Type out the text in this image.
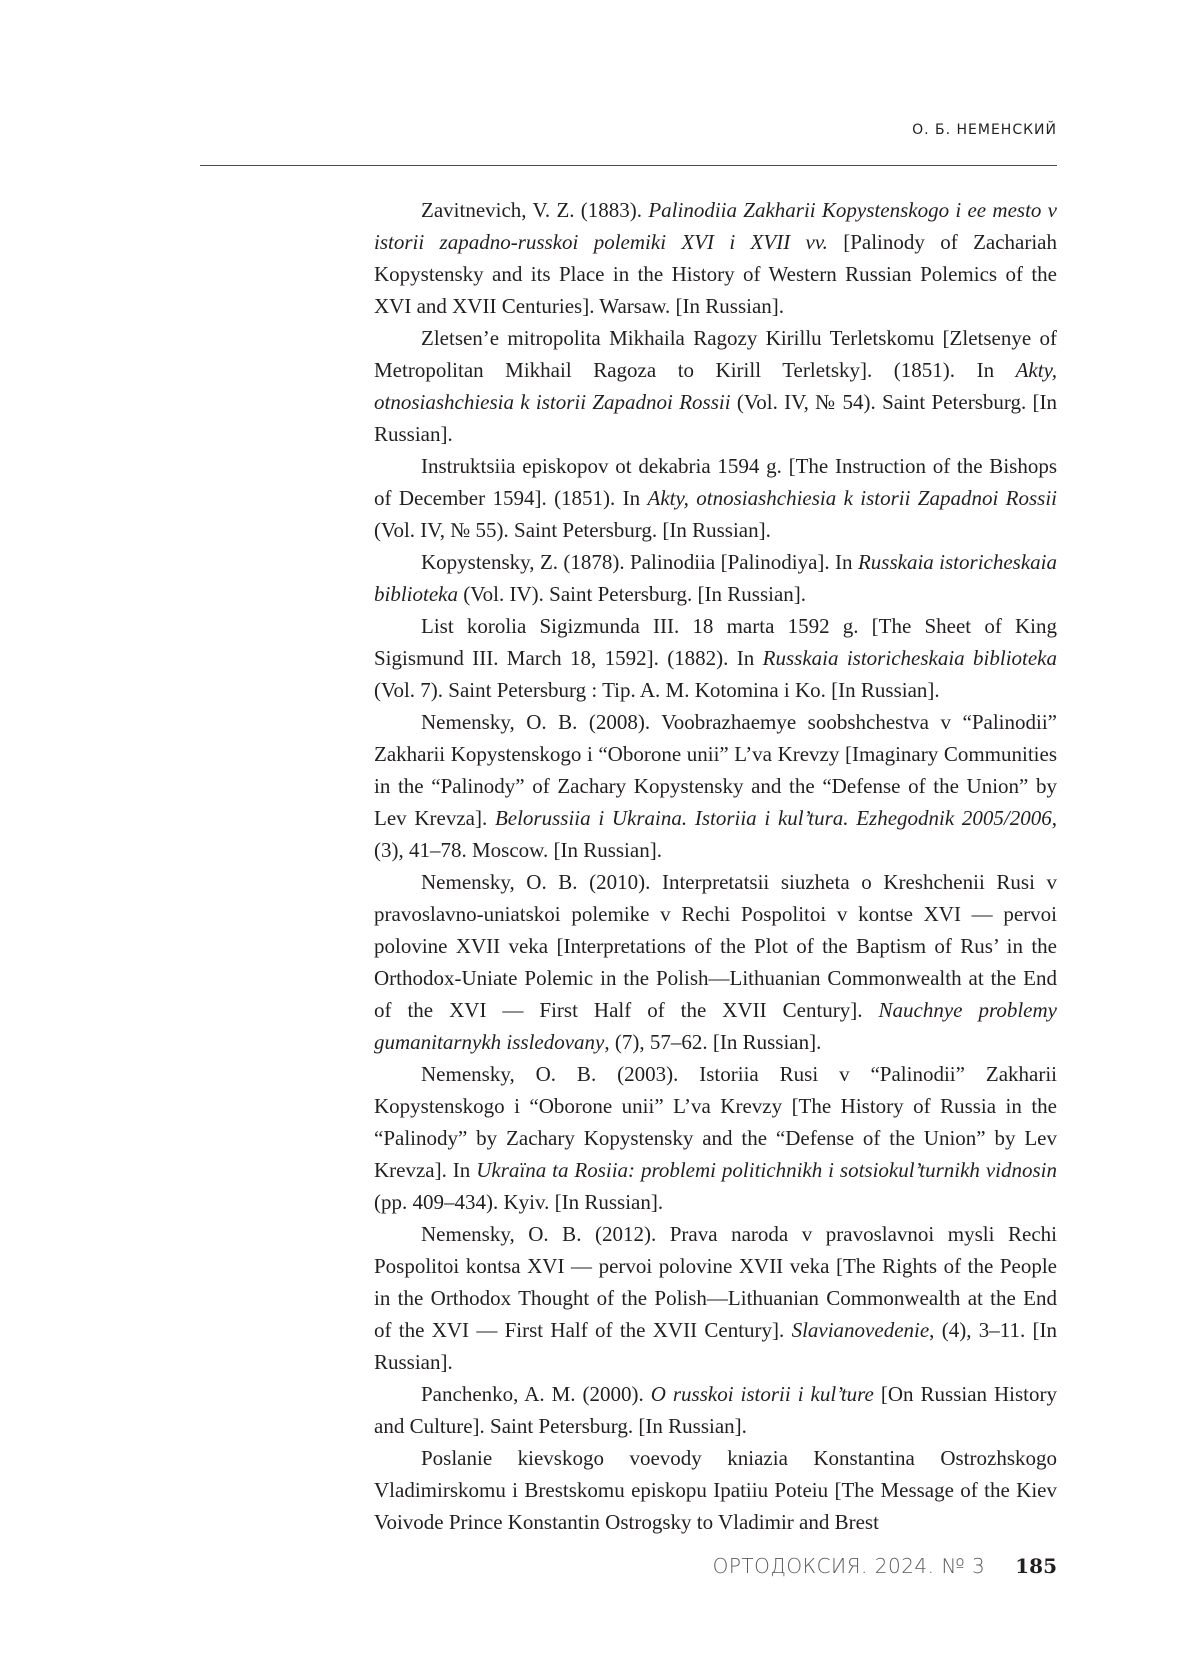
О. Б. НЕМЕНСКИЙ

Zavitnevich, V. Z. (1883). Palinodiia Zakharii Kopystenskogo i ee mesto v istorii zapadno-russkoi polemiki XVI i XVII vv. [Palinody of Zachariah Kopystensky and its Place in the History of Western Russian Polemics of the XVI and XVII Centuries]. Warsaw. [In Russian].

Zletsen’e mitropolita Mikhaila Ragozy Kirillu Terletskomu [Zletsenye of Metropolitan Mikhail Ragoza to Kirill Terletsky]. (1851). In Akty, otnosiashchiesia k istorii Zapadnoi Rossii (Vol. IV, № 54). Saint Petersburg. [In Russian].

Instruktsiia episkopov ot dekabria 1594 g. [The Instruction of the Bishops of December 1594]. (1851). In Akty, otnosiashchiesia k istorii Zapadnoi Rossii (Vol. IV, № 55). Saint Petersburg. [In Russian].

Kopystensky, Z. (1878). Palinodiia [Palinodiya]. In Russkaia istoricheskaia biblioteka (Vol. IV). Saint Petersburg. [In Russian].

List korolia Sigizmunda III. 18 marta 1592 g. [The Sheet of King Sigismund III. March 18, 1592]. (1882). In Russkaia istoricheskaia biblioteka (Vol. 7). Saint Petersburg : Tip. A. M. Kotomina i Ko. [In Russian].

Nemensky, O. B. (2008). Voobrazhaemye soobshchestva v “Palinodii” Zakharii Kopystenskogo i “Oborone unii” L’va Krevzy [Imaginary Communities in the “Palinody” of Zachary Kopystensky and the “Defense of the Union” by Lev Krevza]. Belorussiia i Ukraina. Istoriia i kul’tura. Ezhegodnik 2005/2006, (3), 41–78. Moscow. [In Russian].

Nemensky, O. B. (2010). Interpretatsii siuzheta o Kreshchenii Rusi v pravoslavno-uniatskoi polemike v Rechi Pospolitoi v kontse XVI — pervoi polovine XVII veka [Interpretations of the Plot of the Baptism of Rus’ in the Orthodox-Uniate Polemic in the Polish—Lithuanian Commonwealth at the End of the XVI — First Half of the XVII Century]. Nauchnye problemy gumanitarnykh issledovany, (7), 57–62. [In Russian].

Nemensky, O. B. (2003). Istoriia Rusi v “Palinodii” Zakharii Kopystenskogo i “Oborone unii” L’va Krevzy [The History of Russia in the “Palinody” by Zachary Kopystensky and the “Defense of the Union” by Lev Krevza]. In Ukraïna ta Rosiia: problemi politichnikh i sotsiokul’turnikh vidnosin (pp. 409–434). Kyiv. [In Russian].

Nemensky, O. B. (2012). Prava naroda v pravoslavnoi mysli Rechi Pospolitoi kontsa XVI — pervoi polovine XVII veka [The Rights of the People in the Orthodox Thought of the Polish—Lithuanian Commonwealth at the End of the XVI — First Half of the XVII Century]. Slavianovedenie, (4), 3–11. [In Russian].

Panchenko, A. M. (2000). O russkoi istorii i kul’ture [On Russian History and Culture]. Saint Petersburg. [In Russian].

Poslanie kievskogo voevody kniazia Konstantina Ostrozhskogo Vladimirskomu i Brestskomu episkopu Ipatiiu Poteiu [The Message of the Kiev Voivode Prince Konstantin Ostrogsky to Vladimir and Brest

ОРТОДОКСИЯ. 2024. № 3 185
